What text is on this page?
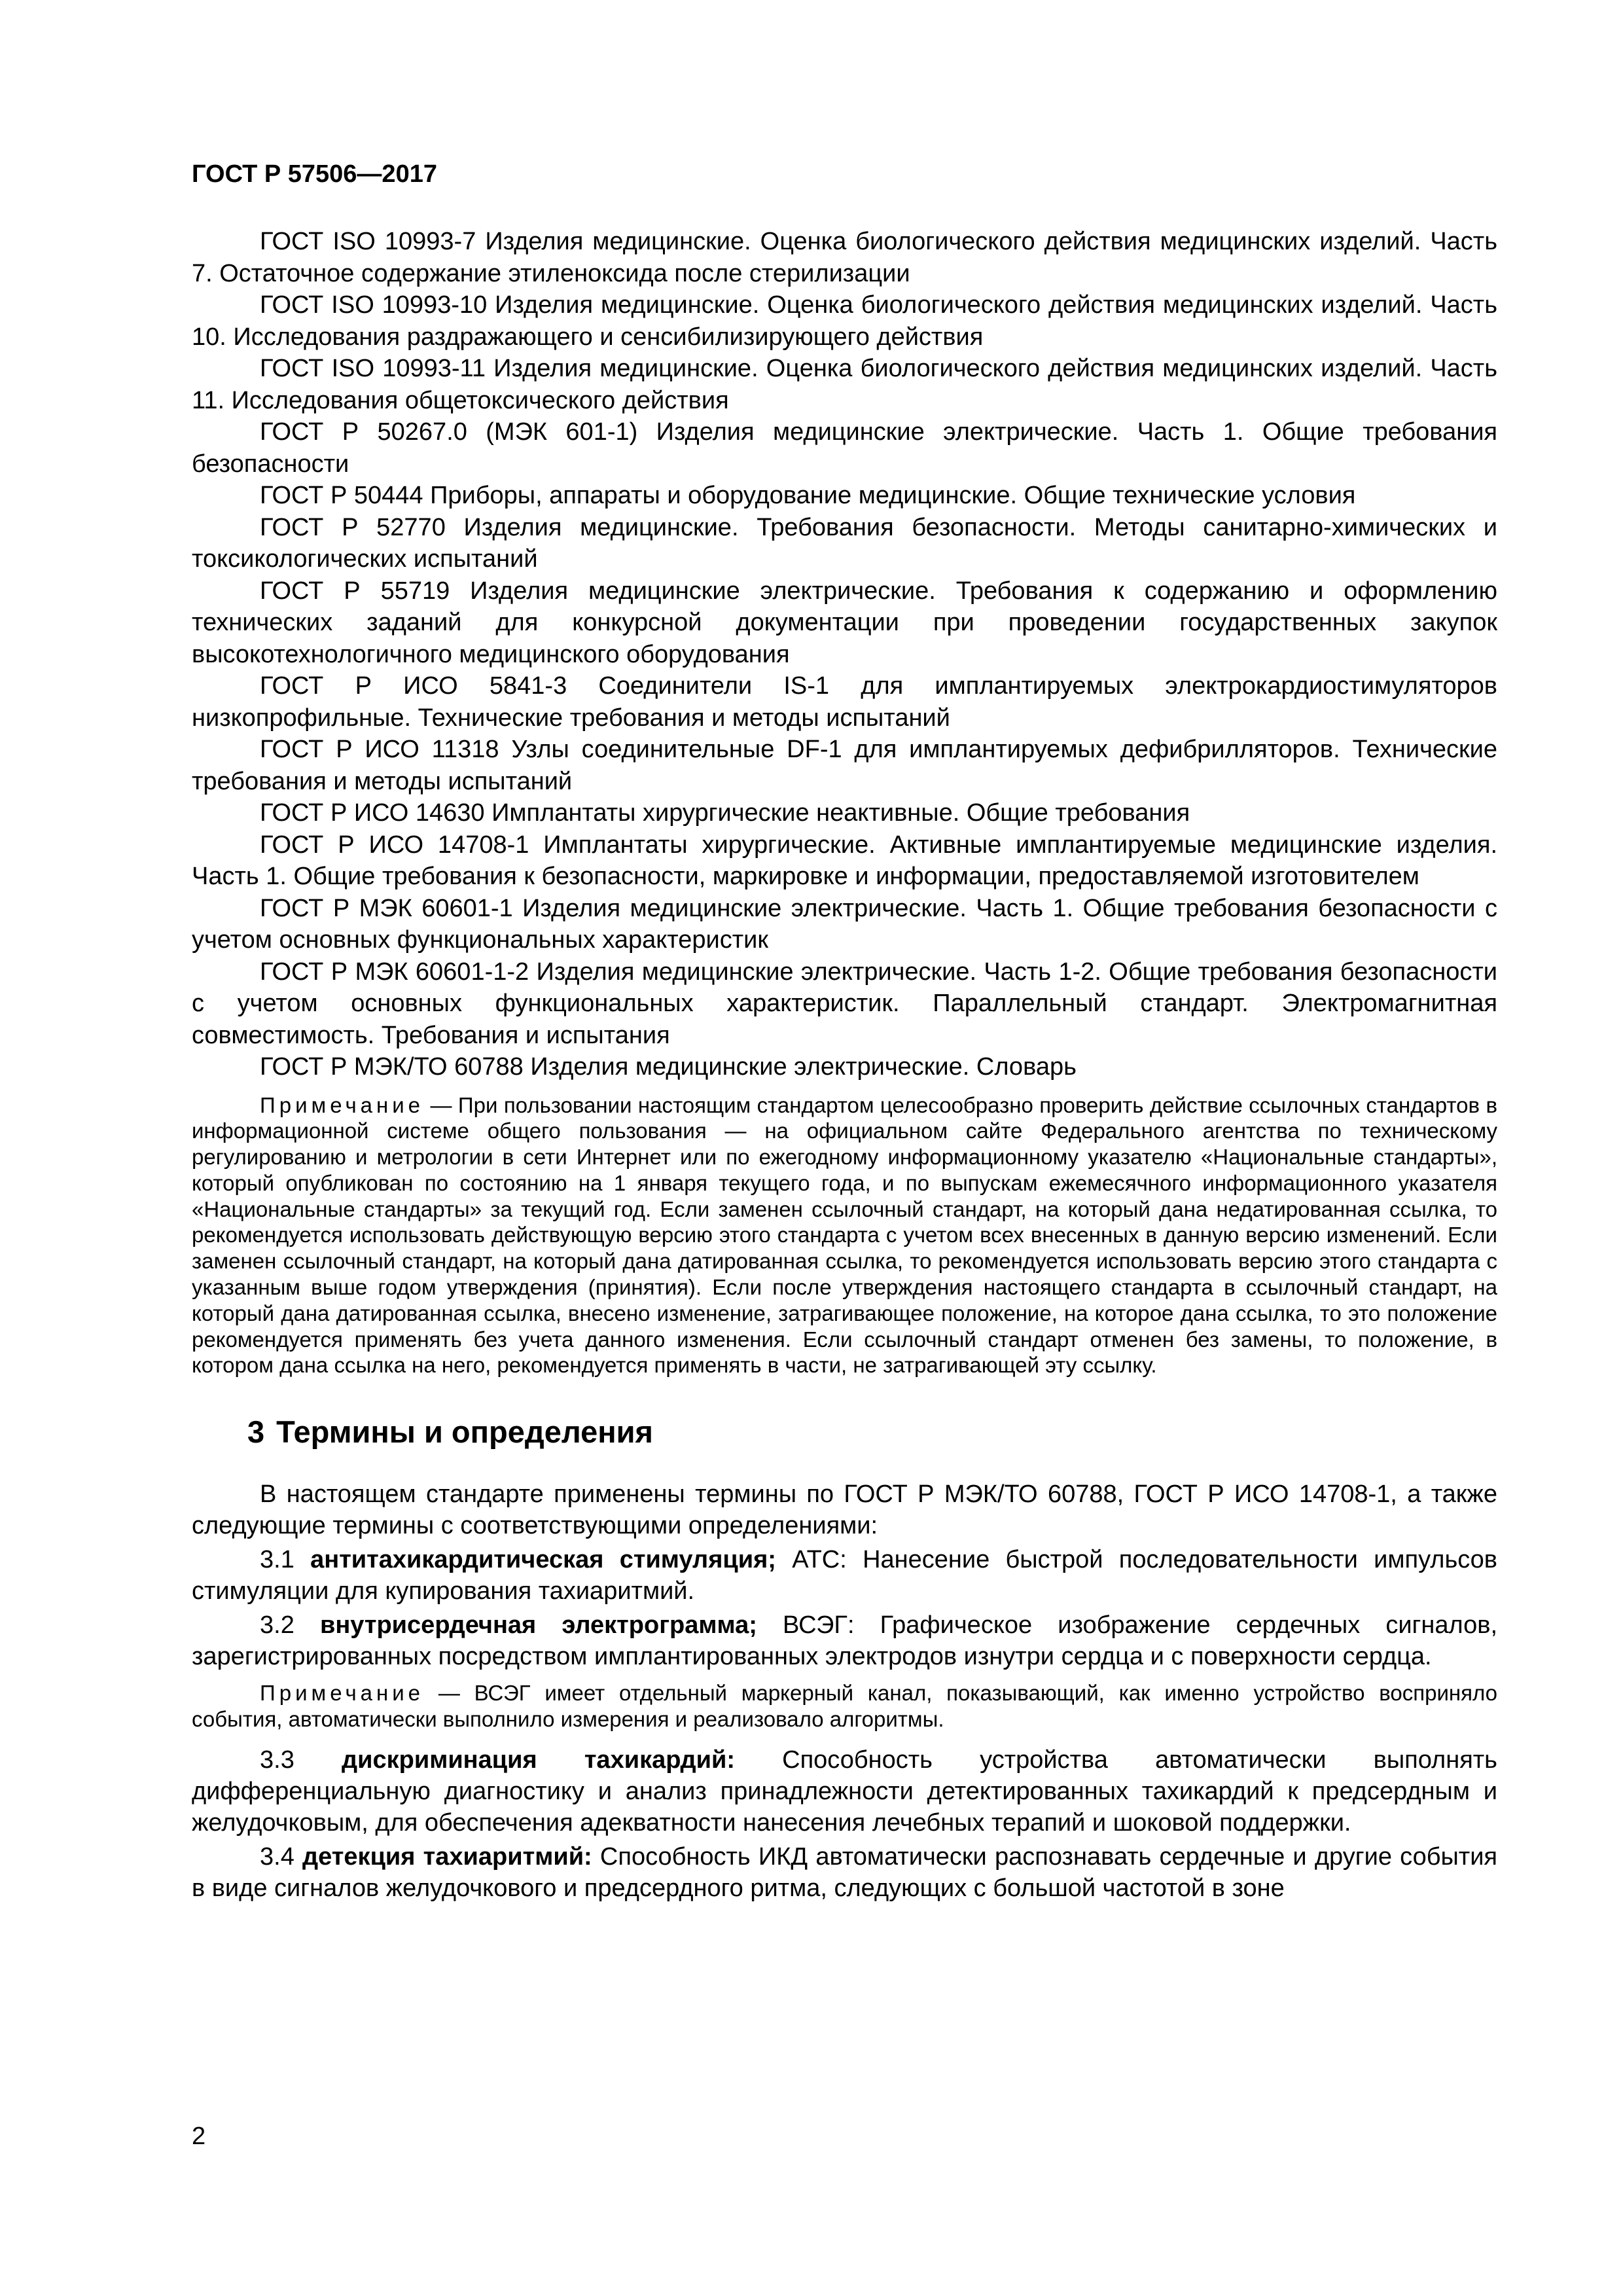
ГОСТ Р 57506—2017

ГОСТ ISO 10993-7 Изделия медицинские. Оценка биологического действия медицинских изделий. Часть 7. Остаточное содержание этиленоксида после стерилизации

ГОСТ ISO 10993-10 Изделия медицинские. Оценка биологического действия медицинских изделий. Часть 10. Исследования раздражающего и сенсибилизирующего действия

ГОСТ ISO 10993-11 Изделия медицинские. Оценка биологического действия медицинских изделий. Часть 11. Исследования общетоксического действия

ГОСТ Р 50267.0 (МЭК 601-1) Изделия медицинские электрические. Часть 1. Общие требования безопасности

ГОСТ Р 50444 Приборы, аппараты и оборудование медицинские. Общие технические условия

ГОСТ Р 52770 Изделия медицинские. Требования безопасности. Методы санитарно-химических и токсикологических испытаний

ГОСТ Р 55719 Изделия медицинские электрические. Требования к содержанию и оформлению технических заданий для конкурсной документации при проведении государственных закупок высокотехнологичного медицинского оборудования

ГОСТ Р ИСО 5841-3 Соединители IS-1 для имплантируемых электрокардиостимуляторов низкопрофильные. Технические требования и методы испытаний

ГОСТ Р ИСО 11318 Узлы соединительные DF-1 для имплантируемых дефибрилляторов. Технические требования и методы испытаний

ГОСТ Р ИСО 14630 Имплантаты хирургические неактивные. Общие требования

ГОСТ Р ИСО 14708-1 Имплантаты хирургические. Активные имплантируемые медицинские изделия. Часть 1. Общие требования к безопасности, маркировке и информации, предоставляемой изготовителем

ГОСТ Р МЭК 60601-1 Изделия медицинские электрические. Часть 1. Общие требования безопасности с учетом основных функциональных характеристик

ГОСТ Р МЭК 60601-1-2 Изделия медицинские электрические. Часть 1-2. Общие требования безопасности с учетом основных функциональных характеристик. Параллельный стандарт. Электромагнитная совместимость. Требования и испытания

ГОСТ Р МЭК/ТО 60788 Изделия медицинские электрические. Словарь

Примечание — При пользовании настоящим стандартом целесообразно проверить действие ссылочных стандартов в информационной системе общего пользования — на официальном сайте Федерального агентства по техническому регулированию и метрологии в сети Интернет или по ежегодному информационному указателю «Национальные стандарты», который опубликован по состоянию на 1 января текущего года, и по выпускам ежемесячного информационного указателя «Национальные стандарты» за текущий год. Если заменен ссылочный стандарт, на который дана недатированная ссылка, то рекомендуется использовать действующую версию этого стандарта с учетом всех внесенных в данную версию изменений. Если заменен ссылочный стандарт, на который дана датированная ссылка, то рекомендуется использовать версию этого стандарта с указанным выше годом утверждения (принятия). Если после утверждения настоящего стандарта в ссылочный стандарт, на который дана датированная ссылка, внесено изменение, затрагивающее положение, на которое дана ссылка, то это положение рекомендуется применять без учета данного изменения. Если ссылочный стандарт отменен без замены, то положение, в котором дана ссылка на него, рекомендуется применять в части, не затрагивающей эту ссылку.

3 Термины и определения

В настоящем стандарте применены термины по ГОСТ Р МЭК/ТО 60788, ГОСТ Р ИСО 14708-1, а также следующие термины с соответствующими определениями:

3.1 антитахикардитическая стимуляция; АТС: Нанесение быстрой последовательности импульсов стимуляции для купирования тахиаритмий.

3.2 внутрисердечная электрограмма; ВСЭГ: Графическое изображение сердечных сигналов, зарегистрированных посредством имплантированных электродов изнутри сердца и с поверхности сердца.

Примечание — ВСЭГ имеет отдельный маркерный канал, показывающий, как именно устройство восприняло события, автоматически выполнило измерения и реализовало алгоритмы.

3.3 дискриминация тахикардий: Способность устройства автоматически выполнять дифференциальную диагностику и анализ принадлежности детектированных тахикардий к предсердным и желудочковым, для обеспечения адекватности нанесения лечебных терапий и шоковой поддержки.

3.4 детекция тахиаритмий: Способность ИКД автоматически распознавать сердечные и другие события в виде сигналов желудочкового и предсердного ритма, следующих с большой частотой в зоне

2
